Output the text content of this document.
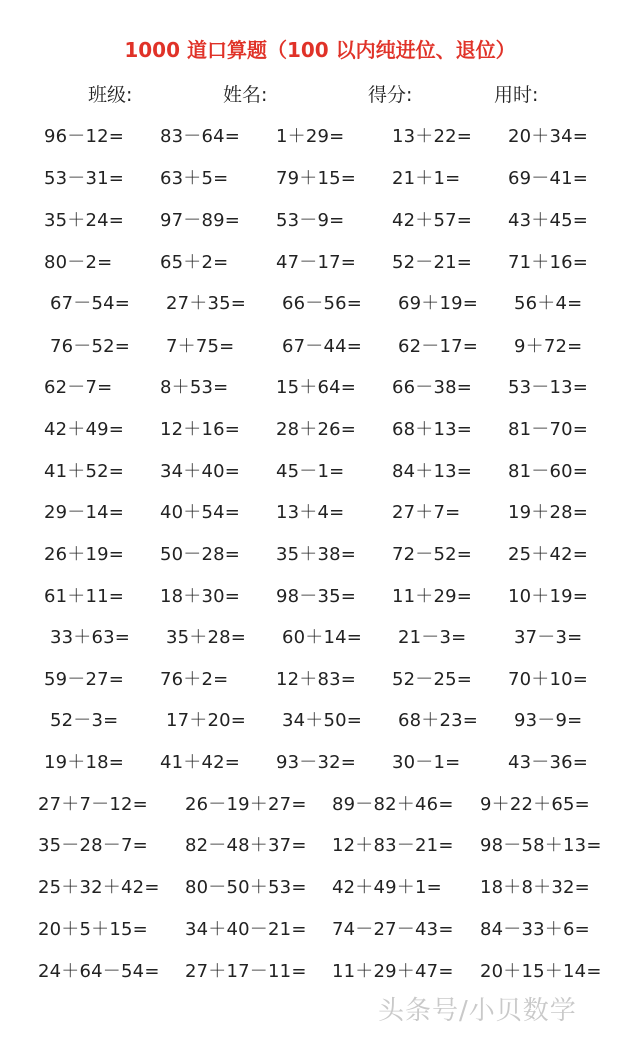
1000 道口算题（100 以内纯进位、退位）
班级:	姓名:	得分:	用时:
96－12= 83－64= 1＋29=	13＋22= 20＋34=
53－31= 63＋5=	79＋15= 21＋1=	69－41=
35＋24= 97－89= 53－9=	42＋57= 43＋45=
80－2=	65＋2=	47－17= 52－21= 71＋16=
67－54= 27＋35= 66－56= 69＋19= 56＋4=
76－52= 7＋75=	67－44= 62－17= 9＋72=
62－7=	8＋53=	15＋64= 66－38= 53－13=
42＋49= 12＋16= 28＋26= 68＋13= 81－70=
41＋52= 34＋40= 45－1=	84＋13= 81－60=
29－14= 40＋54= 13＋4=	27＋7=	19＋28=
26＋19= 50－28= 35＋38= 72－52= 25＋42=
61＋11= 18＋30= 98－35= 11＋29= 10＋19=
33＋63= 35＋28= 60＋14= 21－3=	37－3=
59－27= 76＋2=	12＋83= 52－25= 70＋10=
52－3=	17＋20= 34＋50= 68＋23= 93－9=
19＋18= 41＋42= 93－32= 30－1=	43－36=
27＋7－12= 26－19＋27= 89－82＋46= 9＋22＋65=
35－28－7= 82－48＋37= 12＋83－21= 98－58＋13=
25＋32＋42= 80－50＋53= 42＋49＋1= 18＋8＋32=
20＋5＋15= 34＋40－21= 74－27－43= 84－33＋6=
24＋64－54= 27＋17－11= 11＋29＋47= 20＋15＋14=
头条号/小贝数学
